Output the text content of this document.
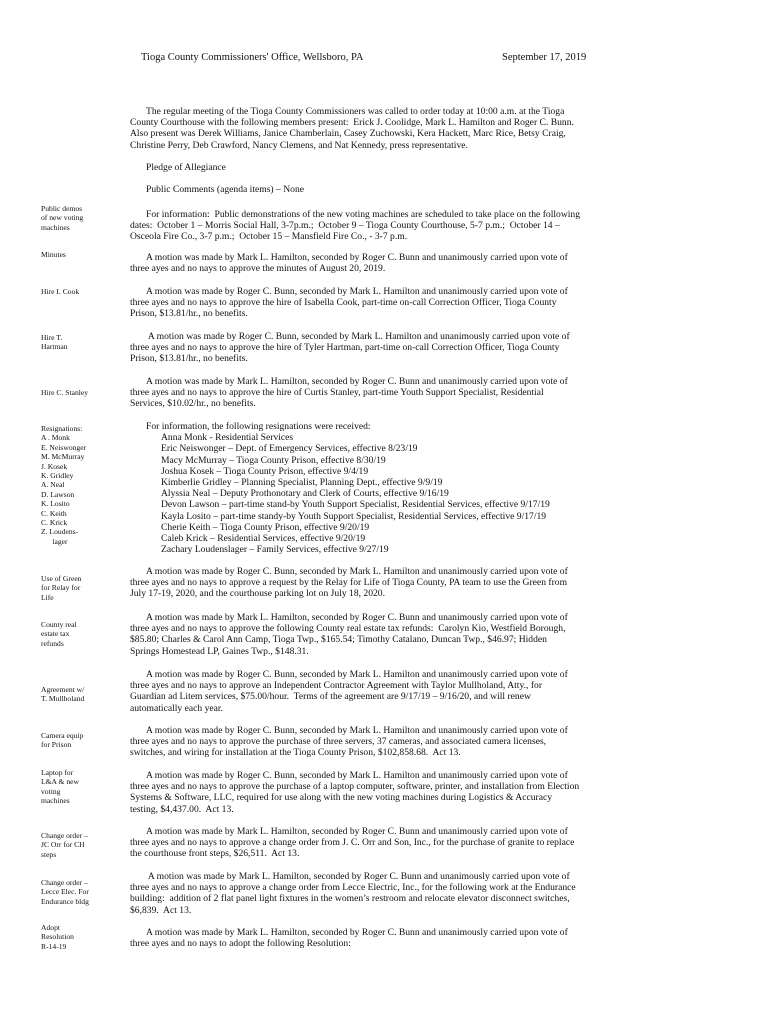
Tioga County Commissioners' Office, Wellsboro, PA	September 17, 2019
Public demos
of new voting
machines
Minutes
Hire I. Cook
Hire T.
Hartman
Hire C. Stanley
Resignations:
A . Monk
E. Neiswonger
M. McMurray
J. Kosek
K. Gridley
A. Neal
D. Lawson
K. Losito
C. Keith
C. Krick
Z. Loudens-
lager
Use of Green
for Relay for
Life
County real
estate tax
refunds
Agreement w/
T. Mullholand
Camera equip
for Prison
Laptop for
L&A & new
voting
machines
Change order –
JC Orr for CH
steps
Change order –
Lecce Elec. For
Endurance bldg
Adopt
Resolution
R-14-19
The regular meeting of the Tioga County Commissioners was called to order today at 10:00 a.m. at the Tioga
County Courthouse with the following members present:  Erick J. Coolidge, Mark L. Hamilton and Roger C. Bunn.
Also present was Derek Williams, Janice Chamberlain, Casey Zuchowski, Kera Hackett, Marc Rice, Betsy Craig,
Christine Perry, Deb Crawford, Nancy Clemens, and Nat Kennedy, press representative.
Pledge of Allegiance
Public Comments (agenda items) – None
For information:  Public demonstrations of the new voting machines are scheduled to take place on the following
dates:  October 1 – Morris Social Hall, 3-7p.m.;  October 9 – Tioga County Courthouse, 5-7 p.m.;  October 14 –
Osceola Fire Co., 3-7 p.m.;  October 15 – Mansfield Fire Co., - 3-7 p.m.
A motion was made by Mark L. Hamilton, seconded by Roger C. Bunn and unanimously carried upon vote of
three ayes and no nays to approve the minutes of August 20, 2019.
A motion was made by Roger C. Bunn, seconded by Mark L. Hamilton and unanimously carried upon vote of
three ayes and no nays to approve the hire of Isabella Cook, part-time on-call Correction Officer, Tioga County
Prison, $13.81/hr., no benefits.
A motion was made by Roger C. Bunn, seconded by Mark L. Hamilton and unanimously carried upon vote of
three ayes and no nays to approve the hire of Tyler Hartman, part-time on-call Correction Officer, Tioga County
Prison, $13.81/hr., no benefits.
A motion was made by Mark L. Hamilton, seconded by Roger C. Bunn and unanimously carried upon vote of
three ayes and no nays to approve the hire of Curtis Stanley, part-time Youth Support Specialist, Residential
Services, $10.02/hr., no benefits.
A motion was made by Roger C. Bunn, seconded by Mark L. Hamilton and unanimously carried upon vote of
three ayes and no nays to approve a request by the Relay for Life of Tioga County, PA team to use the Green from
July 17-19, 2020, and the courthouse parking lot on July 18, 2020.
A motion was made by Mark L. Hamilton, seconded by Roger C. Bunn and unanimously carried upon vote of
three ayes and no nays to approve the following County real estate tax refunds:  Carolyn Kio, Westfield Borough,
$85.80; Charles & Carol Ann Camp, Tioga Twp., $165.54; Timothy Catalano, Duncan Twp., $46.97; Hidden
Springs Homestead LP, Gaines Twp., $148.31.
A motion was made by Roger C. Bunn, seconded by Mark L. Hamilton and unanimously carried upon vote of
three ayes and no nays to approve an Independent Contractor Agreement with Taylor Mullholand, Atty., for
Guardian ad Litem services, $75.00/hour.  Terms of the agreement are 9/17/19 – 9/16/20, and will renew
automatically each year.
A motion was made by Roger C. Bunn, seconded by Mark L. Hamilton and unanimously carried upon vote of
three ayes and no nays to approve the purchase of three servers, 37 cameras, and associated camera licenses,
switches, and wiring for installation at the Tioga County Prison, $102,858.68.  Act 13.
A motion was made by Roger C. Bunn, seconded by Mark L. Hamilton and unanimously carried upon vote of
three ayes and no nays to approve the purchase of a laptop computer, software, printer, and installation from Election
Systems & Software, LLC, required for use along with the new voting machines during Logistics & Accuracy
testing, $4,437.00.  Act 13.
A motion was made by Mark L. Hamilton, seconded by Roger C. Bunn and unanimously carried upon vote of
three ayes and no nays to approve a change order from J. C. Orr and Son, Inc., for the purchase of granite to replace
the courthouse front steps, $26,511.  Act 13.
A motion was made by Mark L. Hamilton, seconded by Roger C. Bunn and unanimously carried upon vote of
three ayes and no nays to approve a change order from Lecce Electric, Inc., for the following work at the Endurance
building:  addition of 2 flat panel light fixtures in the women’s restroom and relocate elevator disconnect switches,
$6,839.  Act 13.
A motion was made by Mark L. Hamilton, seconded by Roger C. Bunn and unanimously carried upon vote of
three ayes and no nays to adopt the following Resolution:
For information, the following resignations were received:
Anna Monk - Residential Services
Eric Neiswonger – Dept. of Emergency Services, effective 8/23/19
Macy McMurray – Tioga County Prison, effective 8/30/19
Joshua Kosek – Tioga County Prison, effective 9/4/19
Kimberlie Gridley – Planning Specialist, Planning Dept., effective 9/9/19
Alyssia Neal – Deputy Prothonotary and Clerk of Courts, effective 9/16/19
Devon Lawson – part-time stand-by Youth Support Specialist, Residential Services, effective 9/17/19
Kayla Losito – part-time standy-by Youth Support Specialist, Residential Services, effective 9/17/19
Cherie Keith – Tioga County Prison, effective 9/20/19
Caleb Krick – Residential Services, effective 9/20/19
Zachary Loudenslager – Family Services, effective 9/27/19
